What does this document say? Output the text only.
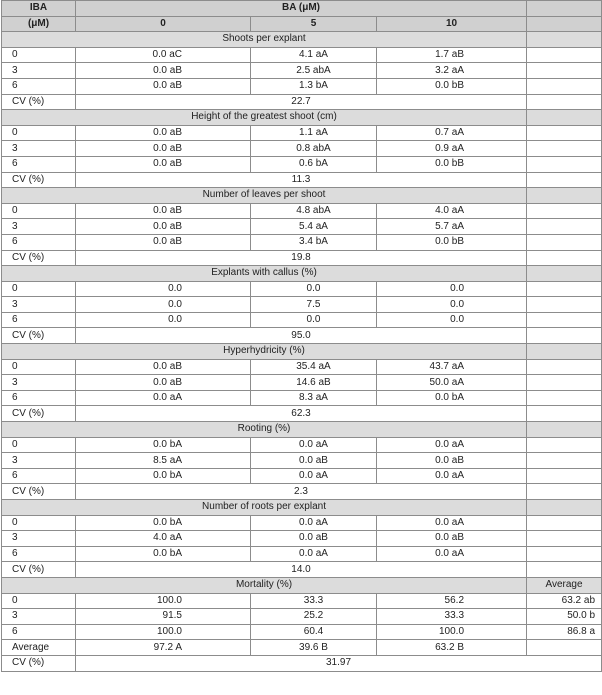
IBA	BA (μM)			
(μM)	0	5	10	
Shoots per explant				
0	0.0 aC	4.1 aA	1.7 aB	
3	0.0 aB	2.5 abA	3.2 aA	
6	0.0 aB	1.3 bA	0.0 bB	
CV (%)	22.7			
Height of the greatest shoot (cm)				
0	0.0 aB	1.1 aA	0.7 aA	
3	0.0 aB	0.8 abA	0.9 aA	
6	0.0 aB	0.6 bA	0.0 bB	
CV (%)	11.3			
Number of leaves per shoot				
0	0.0 aB	4.8 abA	4.0 aA	
3	0.0 aB	5.4 aA	5.7 aA	
6	0.0 aB	3.4 bA	0.0 bB	
CV (%)	19.8			
Explants with callus (%)				
0	0.0	0.0	0.0	
3	0.0	7.5	0.0	
6	0.0	0.0	0.0	
CV (%)	95.0			
Hyperhydricity (%)				
0	0.0 aB	35.4 aA	43.7 aA	
3	0.0 aB	14.6 aB	50.0 aA	
6	0.0 aA	8.3 aA	0.0 bA	
CV (%)	62.3			
Rooting (%)				
0	0.0 bA	0.0 aA	0.0 aA	
3	8.5 aA	0.0 aB	0.0 aB	
6	0.0 bA	0.0 aA	0.0 aA	
CV (%)	2.3			
Number of roots per explant				
0	0.0 bA	0.0 aA	0.0 aA	
3	4.0 aA	0.0 aB	0.0 aB	
6	0.0 bA	0.0 aA	0.0 aA	
CV (%)	14.0			
Mortality (%)				Average
0	100.0	33.3	56.2	63.2 ab
3	91.5	25.2	33.3	50.0 b
6	100.0	60.4	100.0	86.8 a
Average	97.2 A	39.6 B	63.2 B	
CV (%)	31.97			
